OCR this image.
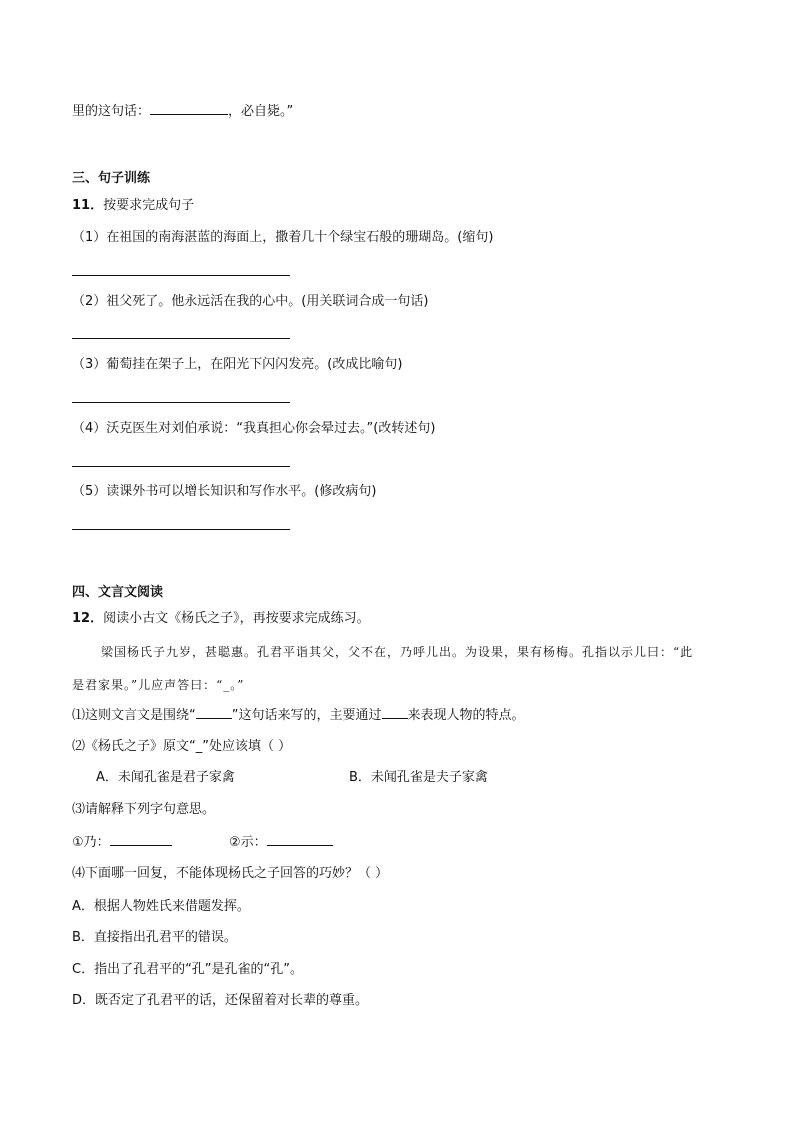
里的这句话：	，必自毙。”
三、句子训练
11．按要求完成句子
（1）在祖国的南海湛蓝的海面上，撒着几十个绿宝石般的珊瑚岛。(缩句)
（2）祖父死了。他永远活在我的心中。(用关联词合成一句话)
（3）葡萄挂在架子上，在阳光下闪闪发亮。(改成比喻句)
（4）沃克医生对刘伯承说：“我真担心你会晕过去。”(改转述句)
（5）读课外书可以增长知识和写作水平。(修改病句)
四、文言文阅读
12．阅读小古文《杨氏之子》，再按要求完成练习。
梁国杨氏子九岁，甚聪惠。孔君平诣其父，父不在，乃呼儿出。为设果，果有杨梅。孔指以示儿曰：“此
是君家果。”儿应声答曰：“_。”
⑴这则文言文是围绕“	”这句话来写的，主要通过 来表现人物的特点。
⑵《杨氏之子》原文“_”处应该填（ ）
A．未闻孔雀是君子家禽	B．未闻孔雀是夫子家禽
⑶请解释下列字句意思。
①乃：	②示：
⑷下面哪一回复，不能体现杨氏之子回答的巧妙？（ ）
A．根据人物姓氏来借题发挥。
B．直接指出孔君平的错误。
C．指出了孔君平的“孔”是孔雀的“孔”。
D．既否定了孔君平的话，还保留着对长辈的尊重。
